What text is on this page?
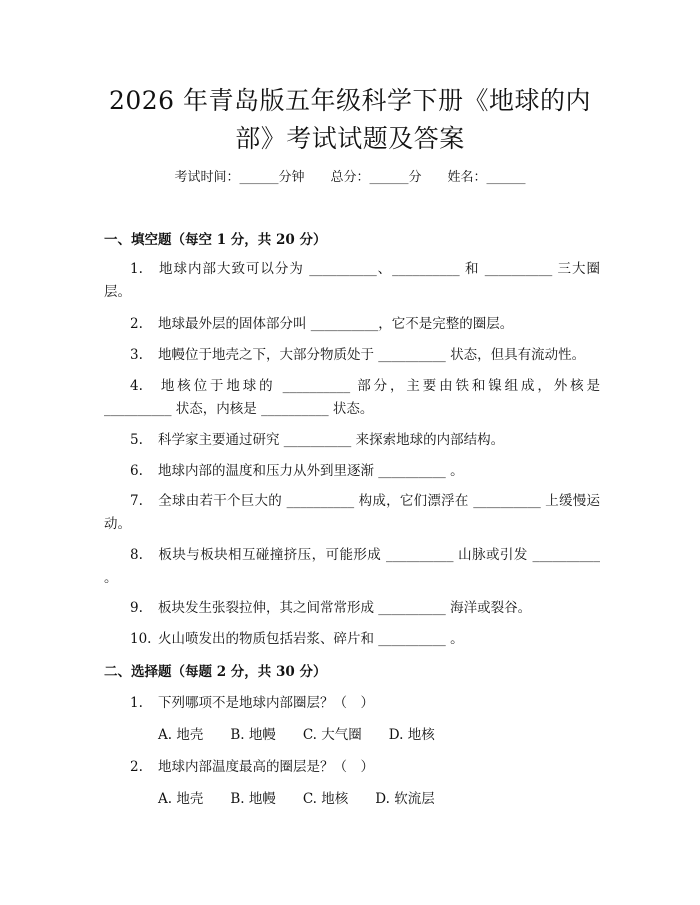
2026 年青岛版五年级科学下册《地球的内
部》考试试题及答案
考试时间：______分钟　　总分：______分　　姓名：______
一、填空题（每空 1 分，共 20 分）
1. 地球内部大致可以分为 __________、__________ 和 __________ 三大圈层。
2. 地球最外层的固体部分叫 __________，它不是完整的圈层。
3. 地幔位于地壳之下，大部分物质处于 __________ 状态，但具有流动性。
4. 地核位于地球的 __________ 部分，主要由铁和镍组成，外核是 __________ 状态，内核是 __________ 状态。
5. 科学家主要通过研究 __________ 来探索地球的内部结构。
6. 地球内部的温度和压力从外到里逐渐 __________ 。
7. 全球由若干个巨大的 __________ 构成，它们漂浮在 __________ 上缓慢运动。
8. 板块与板块相互碰撞挤压，可能形成 __________ 山脉或引发 __________ 。
9. 板块发生张裂拉伸，其之间常常形成 __________ 海洋或裂谷。
10. 火山喷发出的物质包括岩浆、碎片和 __________ 。
二、选择题（每题 2 分，共 30 分）
1. 下列哪项不是地球内部圈层？（　）
A. 地壳　　B. 地幔　　C. 大气圈　　D. 地核
2. 地球内部温度最高的圈层是？（　）
A. 地壳　　B. 地幔　　C. 地核　　D. 软流层
